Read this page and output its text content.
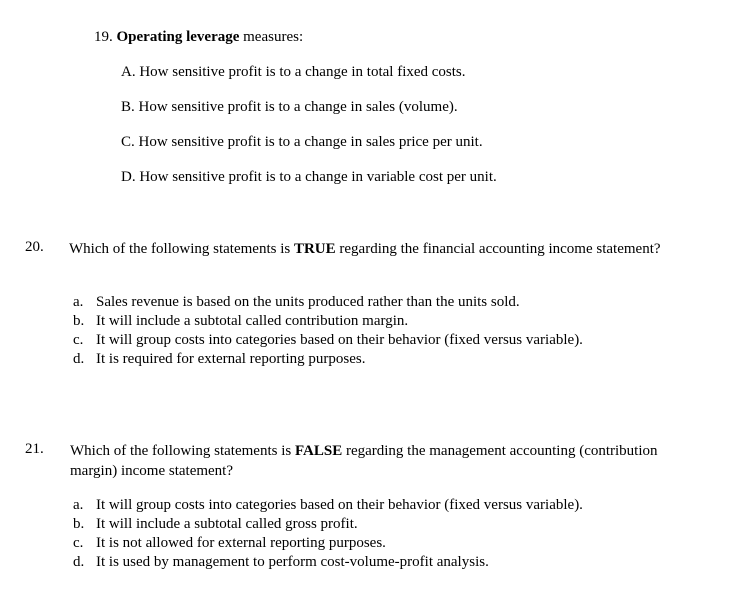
19. Operating leverage measures:
A. How sensitive profit is to a change in total fixed costs.
B. How sensitive profit is to a change in sales (volume).
C. How sensitive profit is to a change in sales price per unit.
D. How sensitive profit is to a change in variable cost per unit.
20. Which of the following statements is TRUE regarding the financial accounting income statement?
a. Sales revenue is based on the units produced rather than the units sold.
b. It will include a subtotal called contribution margin.
c. It will group costs into categories based on their behavior (fixed versus variable).
d. It is required for external reporting purposes.
21. Which of the following statements is FALSE regarding the management accounting (contribution margin) income statement?
a. It will group costs into categories based on their behavior (fixed versus variable).
b. It will include a subtotal called gross profit.
c. It is not allowed for external reporting purposes.
d. It is used by management to perform cost-volume-profit analysis.
